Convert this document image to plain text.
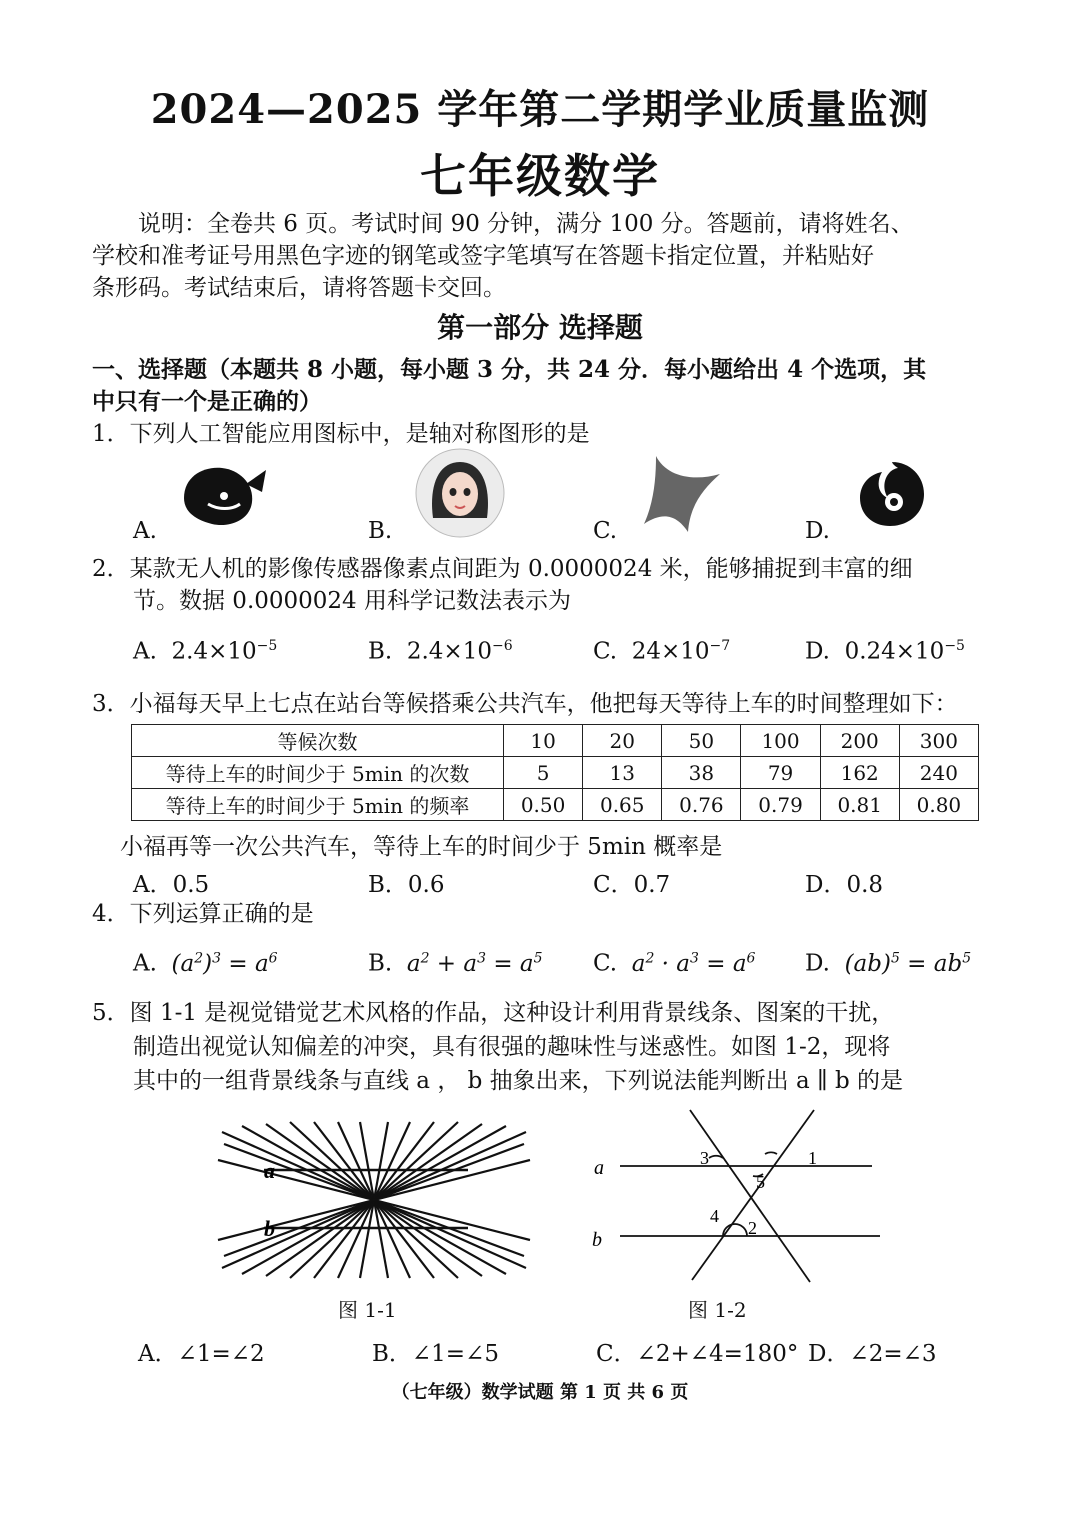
2024—2025 学年第二学期学业质量监测
七年级数学

说明：全卷共 6 页。考试时间 90 分钟，满分 100 分。答题前，请将姓名、

学校和准考证号用黑色字迹的钢笔或签字笔填写在答题卡指定位置，并粘贴好

条形码。考试结束后，请将答题卡交回。

第一部分 选择题
一、选择题（本题共 8 小题，每小题 3 分，共 24 分．每小题给出 4 个选项，其
中只有一个是正确的）
1．下列人工智能应用图标中，是轴对称图形的是
A.	B.	C.	D.
2．某款无人机的影像传感器像素点间距为 0.0000024 米，能够捕捉到丰富的细
节。数据 0.0000024 用科学记数法表示为
A. $2.4\times 10^{-5}$	B. $2.4\times 10^{-6}$	C. $24\times 10^{-7}$	D. $0.24\times 10^{-5}$
3．小福每天早上七点在站台等候搭乘公共汽车，他把每天等待上车的时间整理如下：
等候次数	10	20	50	100	200	300
等待上车的时间少于 5min 的次数	5	13	38	79	162	240
等待上车的时间少于 5min 的频率	0.50	0.65	0.76	0.79	0.81	0.80
小福再等一次公共汽车，等待上车的时间少于 5min 概率是
A．0.5	B．0.6	C．0.7	D．0.8
4．下列运算正确的是
A. $(a^2)^3 = a^6$	B. $a^2 + a^3 = a^5$ C. $a^2 \cdot a^3 = a^6$ D. $(ab)^5 = ab^5$
5．图 1-1 是视觉错觉艺术风格的作品，这种设计利用背景线条、图案的干扰，
制造出视觉认知偏差的冲突，具有很强的趣味性与迷惑性。如图 1-2，现将
其中的一组背景线条与直线 a ， b 抽象出来，下列说法能判断出 a ∥ b 的是
a
b
图 1-1
a
b
3	1
5
4
2
图 1-2
A．∠1=∠2	B．∠1=∠5	C．∠2+∠4=180° D．∠2=∠3
（七年级）数学试题 第 1 页 共 6 页
